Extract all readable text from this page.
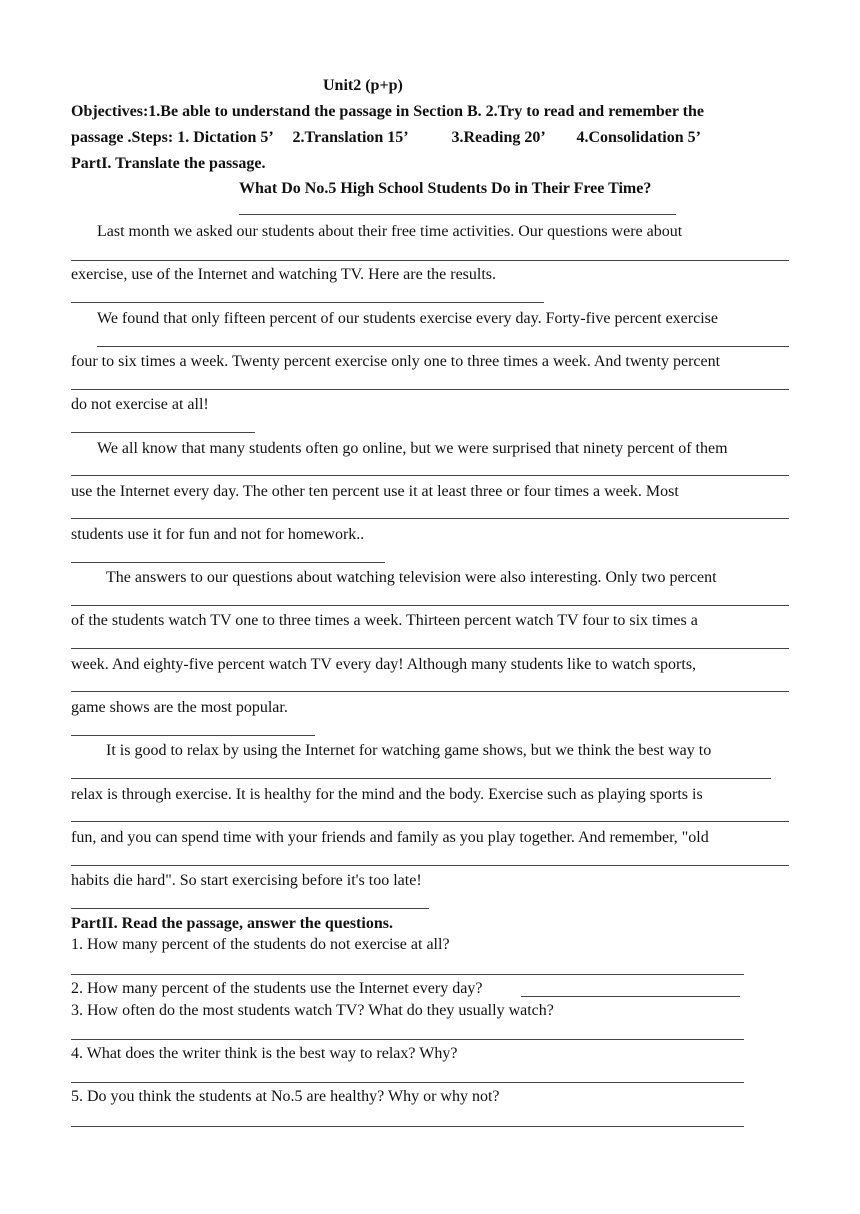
Unit2 (p+p)
Objectives:1.Be able to understand the passage in Section B. 2.Try to read and remember the
passage .Steps: 1. Dictation 5’     2.Translation 15’           3.Reading 20’        4.Consolidation 5’
PartI. Translate the passage.
What Do No.5 High School Students Do in Their Free Time?
Last month we asked our students about their free time activities. Our questions were about
exercise, use of the Internet and watching TV. Here are the results.
We found that only fifteen percent of our students exercise every day. Forty-five percent exercise
four to six times a week. Twenty percent exercise only one to three times a week. And twenty percent
do not exercise at all!
We all know that many students often go online, but we were surprised that ninety percent of them
use the Internet every day. The other ten percent use it at least three or four times a week. Most
students use it for fun and not for homework..
The answers to our questions about watching television were also interesting. Only two percent
of the students watch TV one to three times a week. Thirteen percent watch TV four to six times a
week. And eighty-five percent watch TV every day! Although many students like to watch sports,
game shows are the most popular.
It is good to relax by using the Internet for watching game shows, but we think the best way to
relax is through exercise. It is healthy for the mind and the body. Exercise such as playing sports is
fun, and you can spend time with your friends and family as you play together. And remember, "old
habits die hard". So start exercising before it's too late!
PartII. Read the passage, answer the questions.
1. How many percent of the students do not exercise at all?
2. How many percent of the students use the Internet every day?
3. How often do the most students watch TV? What do they usually watch?
4. What does the writer think is the best way to relax? Why?
5. Do you think the students at No.5 are healthy? Why or why not?
